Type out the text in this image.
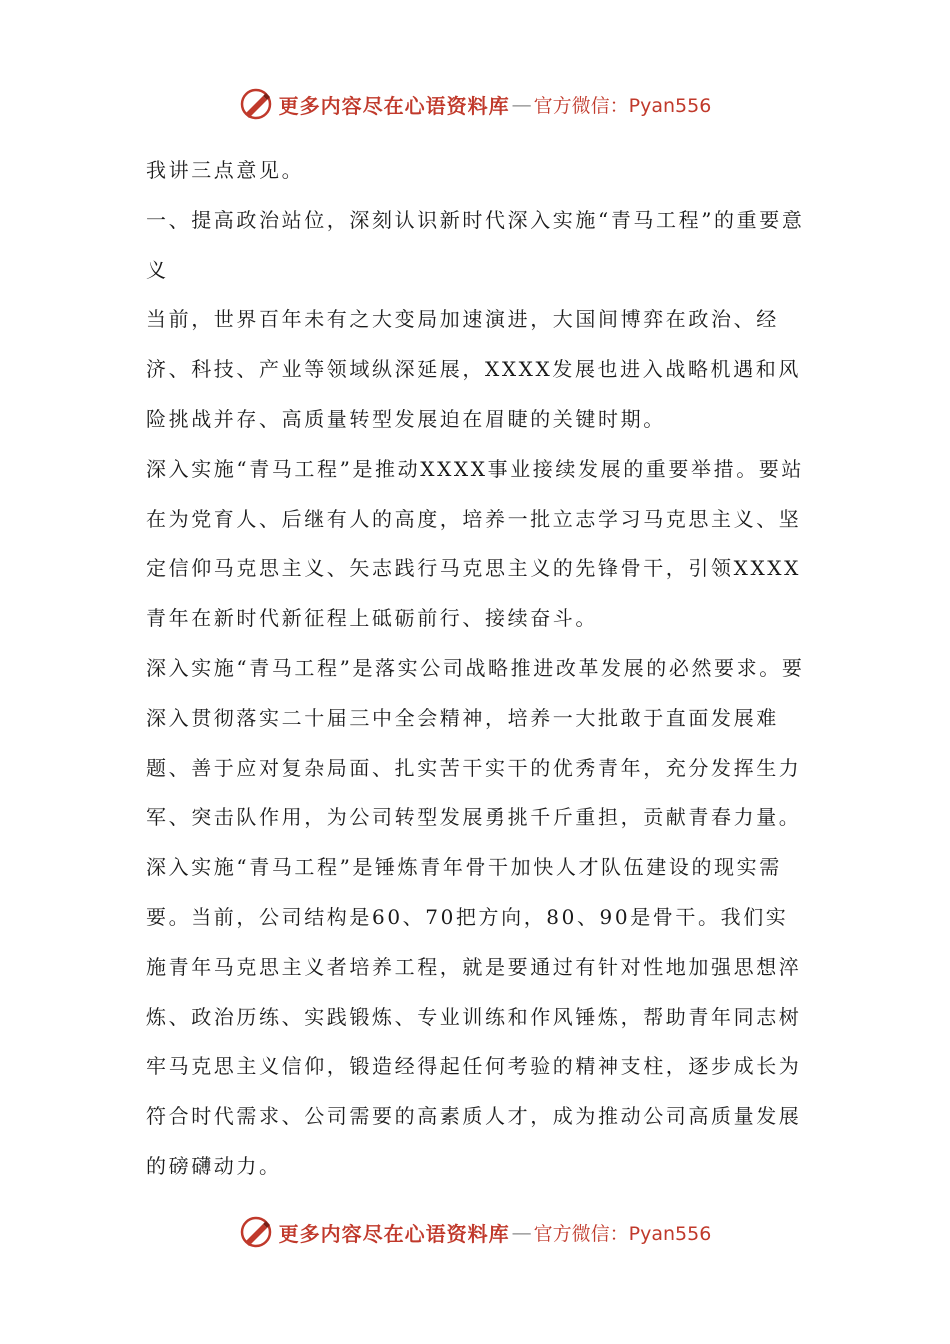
更多内容尽在心语资料库 — 官方微信：Pyan556

我讲三点意见。

一、提高政治站位，深刻认识新时代深入实施“青马工程”的重要意义

当前，世界百年未有之大变局加速演进，大国间博弈在政治、经济、科技、产业等领域纵深延展，XXXX发展也进入战略机遇和风险挑战并存、高质量转型发展迫在眉睫的关键时期。

深入实施“青马工程”是推动XXXX事业接续发展的重要举措。要站在为党育人、后继有人的高度，培养一批立志学习马克思主义、坚定信仰马克思主义、矢志践行马克思主义的先锋骨干，引领XXXX青年在新时代新征程上砥砺前行、接续奋斗。

深入实施“青马工程”是落实公司战略推进改革发展的必然要求。要深入贯彻落实二十届三中全会精神，培养一大批敢于直面发展难题、善于应对复杂局面、扎实苦干实干的优秀青年，充分发挥生力军、突击队作用，为公司转型发展勇挑千斤重担，贡献青春力量。

深入实施“青马工程”是锤炼青年骨干加快人才队伍建设的现实需要。当前，公司结构是60、70把方向，80、90是骨干。我们实施青年马克思主义者培养工程，就是要通过有针对性地加强思想淬炼、政治历练、实践锻炼、专业训练和作风锤炼，帮助青年同志树牢马克思主义信仰，锻造经得起任何考验的精神支柱，逐步成长为符合时代需求、公司需要的高素质人才，成为推动公司高质量发展的磅礴动力。

更多内容尽在心语资料库 — 官方微信：Pyan556
